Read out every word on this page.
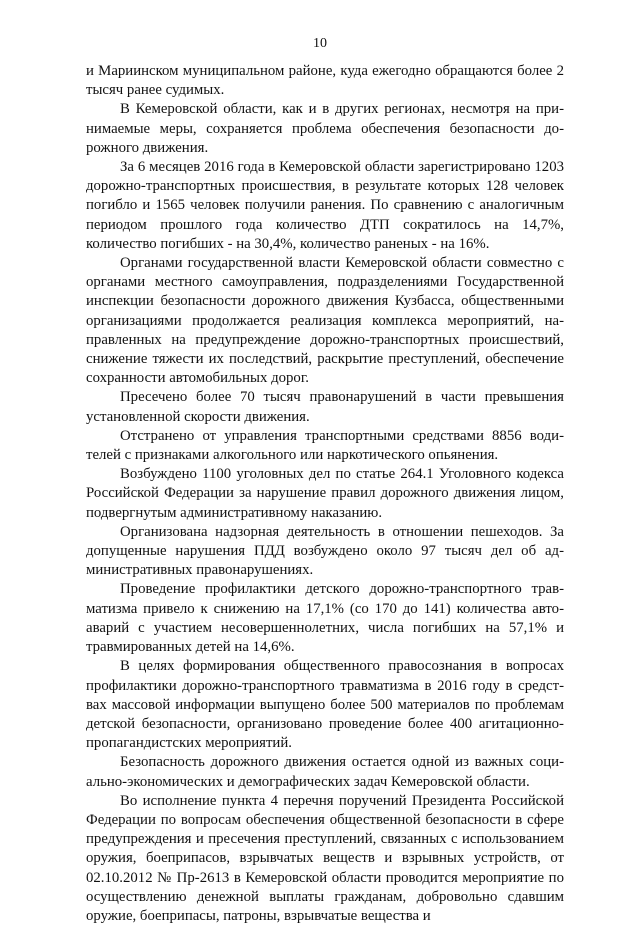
10

и Мариинском муниципальном районе, куда ежегодно обращаются более 2 тысяч ранее судимых.

В Кемеровской области, как и в других регионах, несмотря на принимаемые меры, сохраняется проблема обеспечения безопасности дорожного движения.

За 6 месяцев 2016 года в Кемеровской области зарегистрировано 1203 дорожно-транспортных происшествия, в результате которых 128 человек погибло и 1565 человек получили ранения. По сравнению с аналогичным периодом прошлого года количество ДТП сократилось на 14,7%, количество погибших - на 30,4%, количество раненых - на 16%.

Органами государственной власти Кемеровской области совместно с органами местного самоуправления, подразделениями Государственной инспекции безопасности дорожного движения Кузбасса, общественными организациями продолжается реализация комплекса мероприятий, направленных на предупреждение дорожно-транспортных происшествий, снижение тяжести их последствий, раскрытие преступлений, обеспечение сохранности автомобильных дорог.

Пресечено более 70 тысяч правонарушений в части превышения установленной скорости движения.

Отстранено от управления транспортными средствами 8856 водителей с признаками алкогольного или наркотического опьянения.

Возбуждено 1100 уголовных дел по статье 264.1 Уголовного кодекса Российской Федерации за нарушение правил дорожного движения лицом, подвергнутым административному наказанию.

Организована надзорная деятельность в отношении пешеходов. За допущенные нарушения ПДД возбуждено около 97 тысяч дел об административных правонарушениях.

Проведение профилактики детского дорожно-транспортного травматизма привело к снижению на 17,1% (со 170 до 141) количества автоаварий с участием несовершеннолетних, числа погибших на 57,1% и травмированных детей на 14,6%.

В целях формирования общественного правосознания в вопросах профилактики дорожно-транспортного травматизма в 2016 году в средствах массовой информации выпущено более 500 материалов по проблемам детской безопасности, организовано проведение более 400 агитационно-пропагандистских мероприятий.

Безопасность дорожного движения остается одной из важных социально-экономических и демографических задач Кемеровской области.

Во исполнение пункта 4 перечня поручений Президента Российской Федерации по вопросам обеспечения общественной безопасности в сфере предупреждения и пресечения преступлений, связанных с использованием оружия, боеприпасов, взрывчатых веществ и взрывных устройств, от 02.10.2012 № Пр-2613 в Кемеровской области проводится мероприятие по осуществлению денежной выплаты гражданам, добровольно сдавшим оружие, боеприпасы, патроны, взрывчатые вещества и
